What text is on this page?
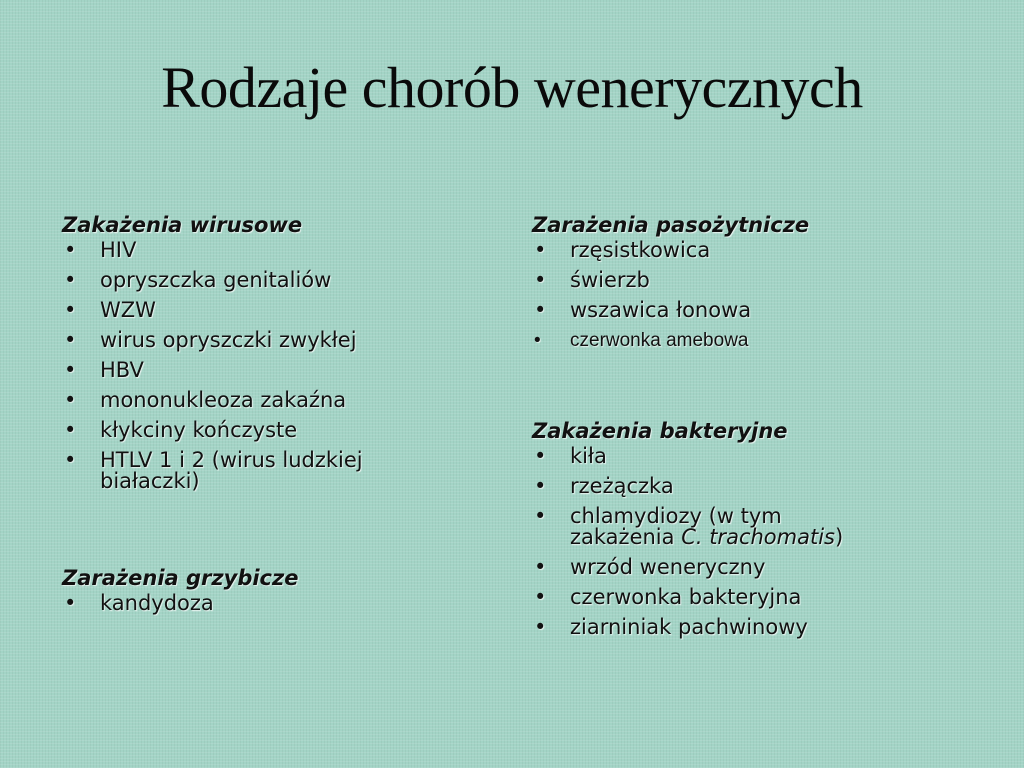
Rodzaje chorób wenerycznych
Zakażenia wirusowe
• HIV
• opryszczka genitaliów
• WZW
• wirus opryszczki zwykłej
• HBV
• mononukleoza zakaźna
• kłykciny kończyste
• HTLV 1 i 2 (wirus ludzkiej białaczki)
Zarażenia grzybicze
• kandydoza
Zarażenia pasożytnicze
• rzęsistkowica
• świerzb
• wszawica łonowa
• czerwonka amebowa
Zakażenia bakteryjne
• kiła
• rzeżączka
• chlamydiozy (w tym zakażenia C. trachomatis)
• wrzód weneryczny
• czerwonka bakteryjna
• ziarniniak pachwinowy
